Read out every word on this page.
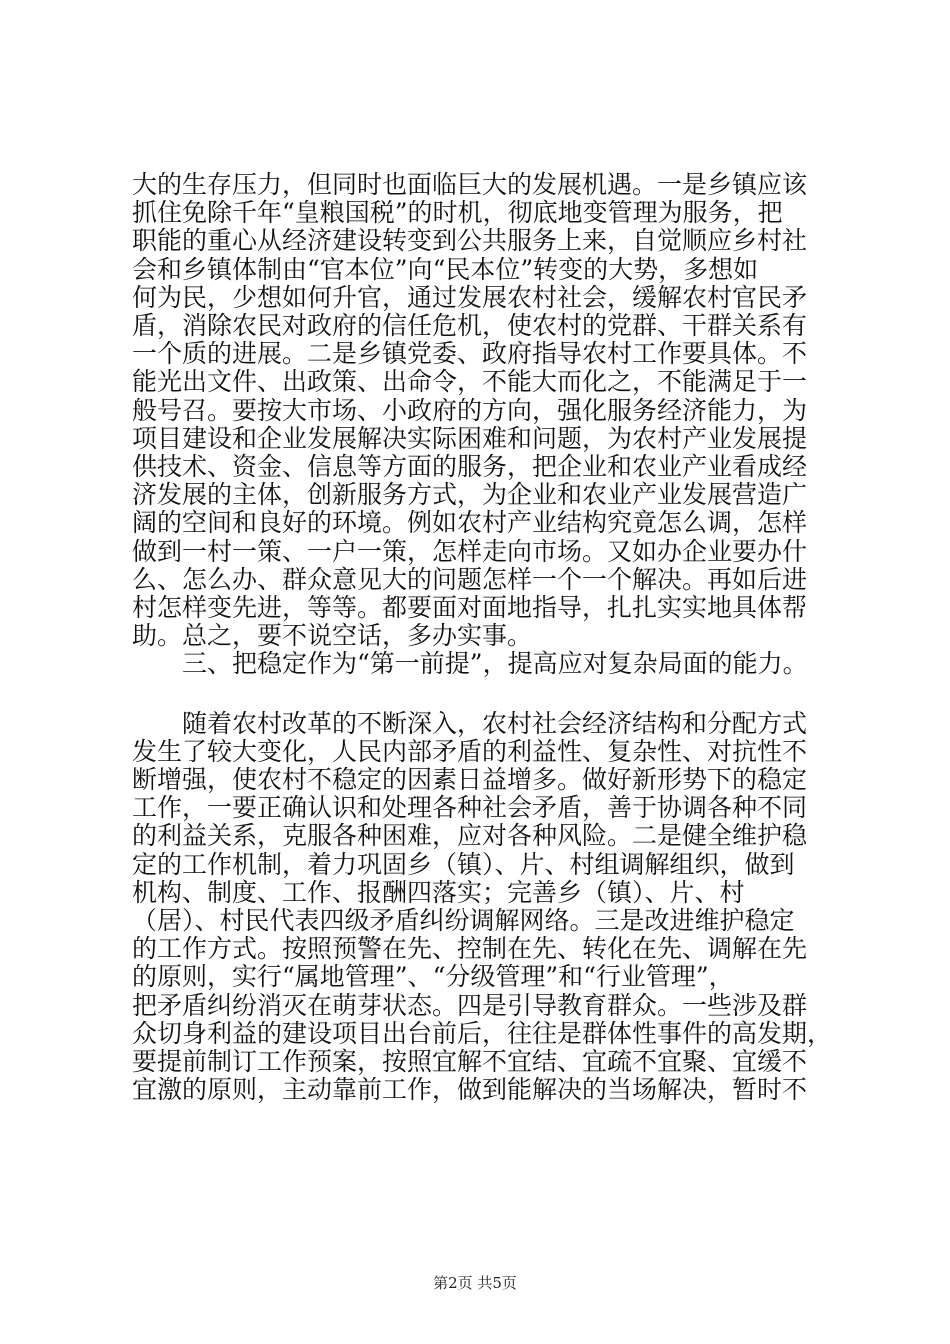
大的生存压力，但同时也面临巨大的发展机遇。一是乡镇应该

抓住免除千年“皇粮国税”的时机，彻底地变管理为服务，把

职能的重心从经济建设转变到公共服务上来，自觉顺应乡村社

会和乡镇体制由“官本位”向“民本位”转变的大势，多想如

何为民，少想如何升官，通过发展农村社会，缓解农村官民矛

盾，消除农民对政府的信任危机，使农村的党群、干群关系有

一个质的进展。二是乡镇党委、政府指导农村工作要具体。不

能光出文件、出政策、出命令，不能大而化之，不能满足于一

般号召。要按大市场、小政府的方向，强化服务经济能力，为

项目建设和企业发展解决实际困难和问题，为农村产业发展提

供技术、资金、信息等方面的服务，把企业和农业产业看成经

济发展的主体，创新服务方式，为企业和农业产业发展营造广

阔的空间和良好的环境。例如农村产业结构究竟怎么调，怎样

做到一村一策、一户一策，怎样走向市场。又如办企业要办什

么、怎么办、群众意见大的问题怎样一个一个解决。再如后进

村怎样变先进，等等。都要面对面地指导，扎扎实实地具体帮

助。总之，要不说空话，多办实事。

三、把稳定作为“第一前提”，提高应对复杂局面的能力。

随着农村改革的不断深入，农村社会经济结构和分配方式

发生了较大变化，人民内部矛盾的利益性、复杂性、对抗性不

断增强，使农村不稳定的因素日益增多。做好新形势下的稳定

工作，一要正确认识和处理各种社会矛盾，善于协调各种不同

的利益关系，克服各种困难，应对各种风险。二是健全维护稳

定的工作机制，着力巩固乡（镇）、片、村组调解组织，做到

机构、制度、工作、报酬四落实；完善乡（镇）、片、村

（居）、村民代表四级矛盾纠纷调解网络。三是改进维护稳定

的工作方式。按照预警在先、控制在先、转化在先、调解在先

的原则，实行“属地管理”、“分级管理”和“行业管理”，

把矛盾纠纷消灭在萌芽状态。四是引导教育群众。一些涉及群

众切身利益的建设项目出台前后，往往是群体性事件的高发期，

要提前制订工作预案，按照宜解不宜结、宜疏不宜聚、宜缓不

宜激的原则，主动靠前工作，做到能解决的当场解决，暂时不

第2页 共5页
